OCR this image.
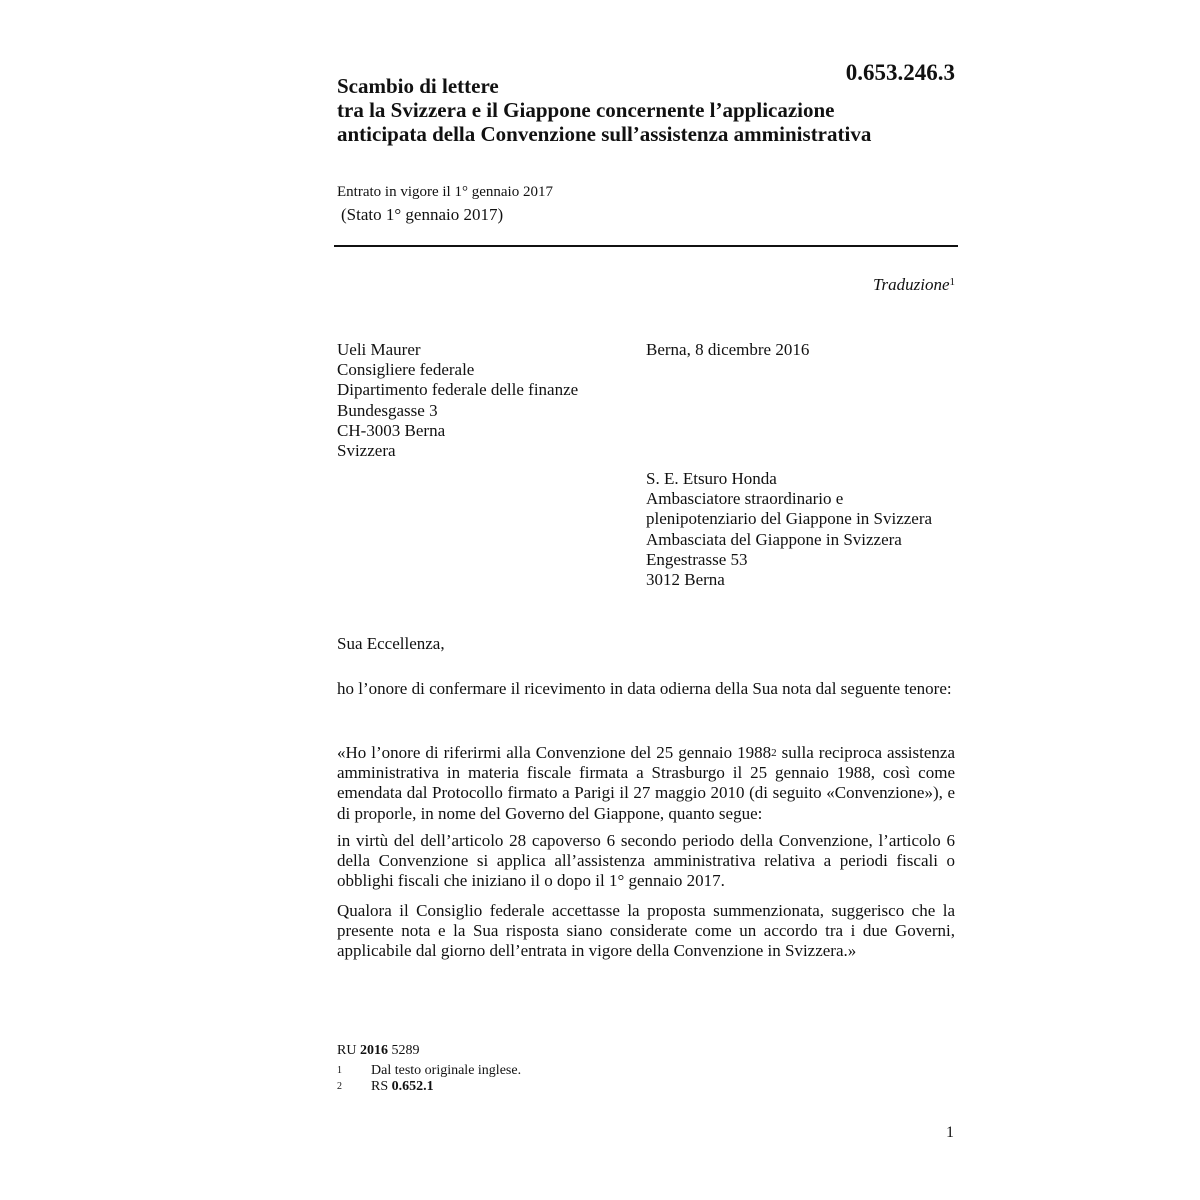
0.653.246.3
Scambio di lettere
tra la Svizzera e il Giappone concernente l’applicazione
anticipata della Convenzione sull’assistenza amministrativa
Entrato in vigore il 1° gennaio 2017
(Stato 1° gennaio 2017)
Traduzione$^1$
Ueli Maurer
Consigliere federale
Dipartimento federale delle finanze
Bundesgasse 3
CH-3003 Berna
Svizzera
Berna, 8 dicembre 2016
S. E. Etsuro Honda
Ambasciatore straordinario e
plenipotenziario del Giappone in Svizzera
Ambasciata del Giappone in Svizzera
Engestrasse 53
3012 Berna
Sua Eccellenza,
ho l’onore di confermare il ricevimento in data odierna della Sua nota dal seguente tenore:
«Ho l’onore di riferirmi alla Convenzione del 25 gennaio 1988$^2$ sulla reciproca assistenza amministrativa in materia fiscale firmata a Strasburgo il 25 gennaio 1988, così come emendata dal Protocollo firmato a Parigi il 27 maggio 2010 (di seguito «Convenzione»), e di proporle, in nome del Governo del Giappone, quanto segue:
in virtù del dell’articolo 28 capoverso 6 secondo periodo della Convenzione, l’articolo 6 della Convenzione si applica all’assistenza amministrativa relativa a periodi fiscali o obblighi fiscali che iniziano il o dopo il 1° gennaio 2017.
Qualora il Consiglio federale accettasse la proposta summenzionata, suggerisco che la presente nota e la Sua risposta siano considerate come un accordo tra i due Governi, applicabile dal giorno dell’entrata in vigore della Convenzione in Svizzera.»
RU 2016 5289
1 Dal testo originale inglese.
2 RS 0.652.1
1
